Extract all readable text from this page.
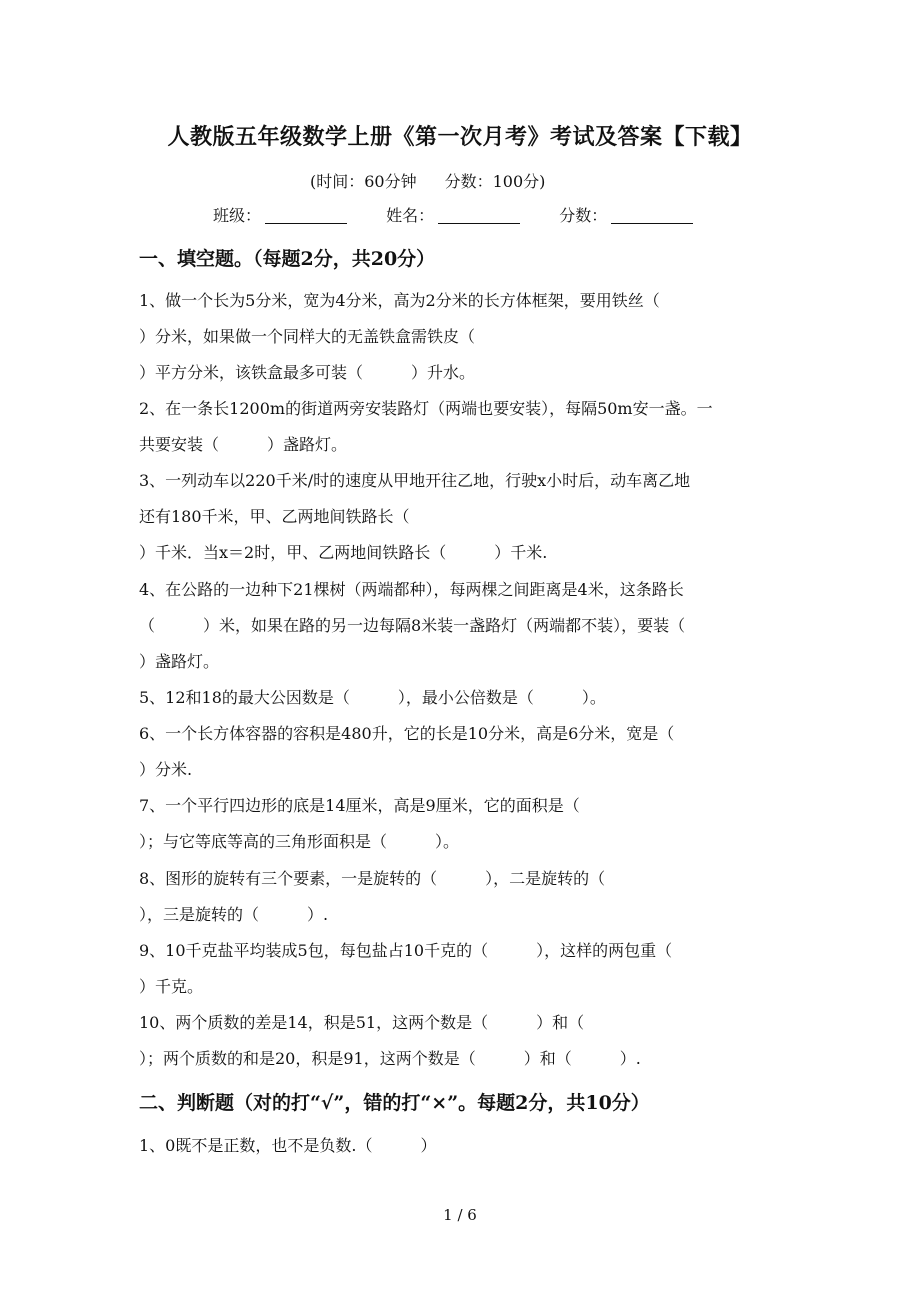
人教版五年级数学上册《第一次月考》考试及答案【下载】
(时间：60分钟 分数：100分)
班级：	姓名：	分数：
一、填空题。（每题2分，共20分）
1、做一个长为5分米，宽为4分米，高为2分米的长方体框架，要用铁丝（
）分米，如果做一个同样大的无盖铁盒需铁皮（
）平方分米，该铁盒最多可装（　　　）升水。
2、在一条长1200m的街道两旁安装路灯（两端也要安装），每隔50m安一盏。一
共要安装（　　　）盏路灯。
3、一列动车以220千米/时的速度从甲地开往乙地，行驶x小时后，动车离乙地
还有180千米，甲、乙两地间铁路长（
）千米．当x＝2时，甲、乙两地间铁路长（　　　）千米.
4、在公路的一边种下21棵树（两端都种），每两棵之间距离是4米，这条路长
（　　　）米，如果在路的另一边每隔8米装一盏路灯（两端都不装），要装（
）盏路灯。
5、12和18的最大公因数是（　　　），最小公倍数是（　　　）。
6、一个长方体容器的容积是480升，它的长是10分米，高是6分米，宽是（
）分米.
7、一个平行四边形的底是14厘米，高是9厘米，它的面积是（
）；与它等底等高的三角形面积是（　　　）。
8、图形的旋转有三个要素，一是旋转的（　　　），二是旋转的（
），三是旋转的（　　　）.
9、10千克盐平均装成5包，每包盐占10千克的（　　　），这样的两包重（
）千克。
10、两个质数的差是14，积是51，这两个数是（　　　）和（
）；两个质数的和是20，积是91，这两个数是（　　　）和（　　　）.
二、判断题（对的打“√”，错的打“×”。每题2分，共10分）
1、0既不是正数，也不是负数.（　　　）
1 / 6
